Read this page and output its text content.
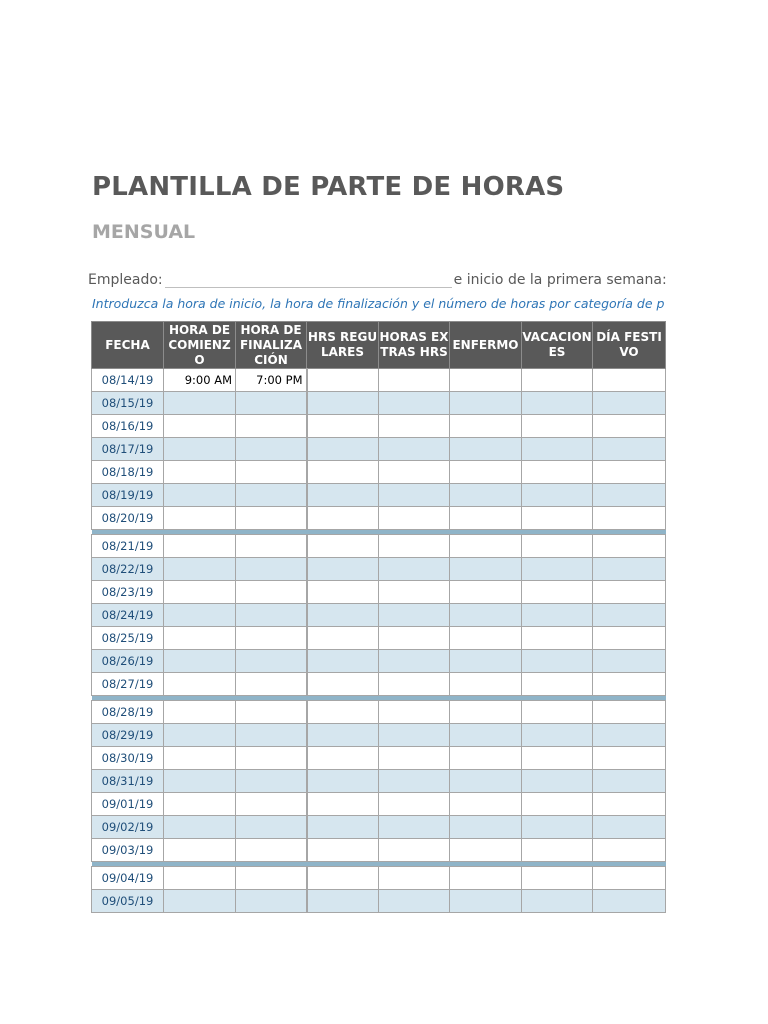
PLANTILLA DE PARTE DE HORAS
MENSUAL
Empleado:	e inicio de la primera semana:
Introduzca la hora de inicio, la hora de finalización y el número de horas por categoría de p
FECHA	HORA DE COMIENZO	HORA DE FINALIZACIÓN	HRS REGULARES	HORAS EXTRAS HRS	ENFERMO	VACACIONES	DÍA FESTIVO
08/14/19	9:00 AM	7:00 PM					
08/15/19							
08/16/19							
08/17/19							
08/18/19							
08/19/19							
08/20/19							

08/21/19							
08/22/19							
08/23/19							
08/24/19							
08/25/19							
08/26/19							
08/27/19							

08/28/19							
08/29/19							
08/30/19							
08/31/19							
09/01/19							
09/02/19							
09/03/19							

09/04/19							
09/05/19							
